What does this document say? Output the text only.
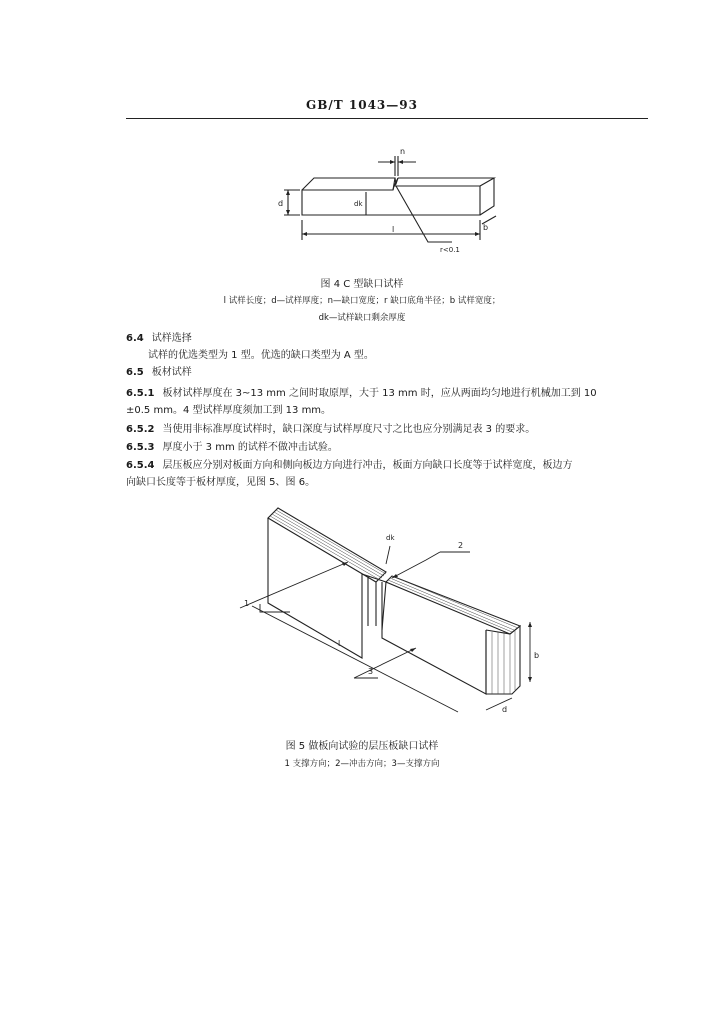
GB/T 1043—93
n
d	dk
l	b
r<0.1
图 4 C 型缺口试样
l 试样长度；d—试样厚度；n—缺口宽度；r 缺口底角半径；b 试样宽度；
dk—试样缺口剩余厚度
6.4 试样选择
试样的优选类型为 1 型。优选的缺口类型为 A 型。
6.5 板材试样
6.5.1 板材试样厚度在 3~13 mm 之间时取原厚，大于 13 mm 时，应从两面均匀地进行机械加工到 10
±0.5 mm。4 型试样厚度须加工到 13 mm。
6.5.2 当使用非标准厚度试样时，缺口深度与试样厚度尺寸之比也应分别满足表 3 的要求。
6.5.3 厚度小于 3 mm 的试样不做冲击试验。
6.5.4 层压板应分别对板面方向和侧向板边方向进行冲击，板面方向缺口长度等于试样宽度，板边方
向缺口长度等于板材厚度，见图 5、图 6。
1
2
3
dk
l
b
d
图 5 做板向试验的层压板缺口试样
1 支撑方向；2—冲击方向；3—支撑方向
